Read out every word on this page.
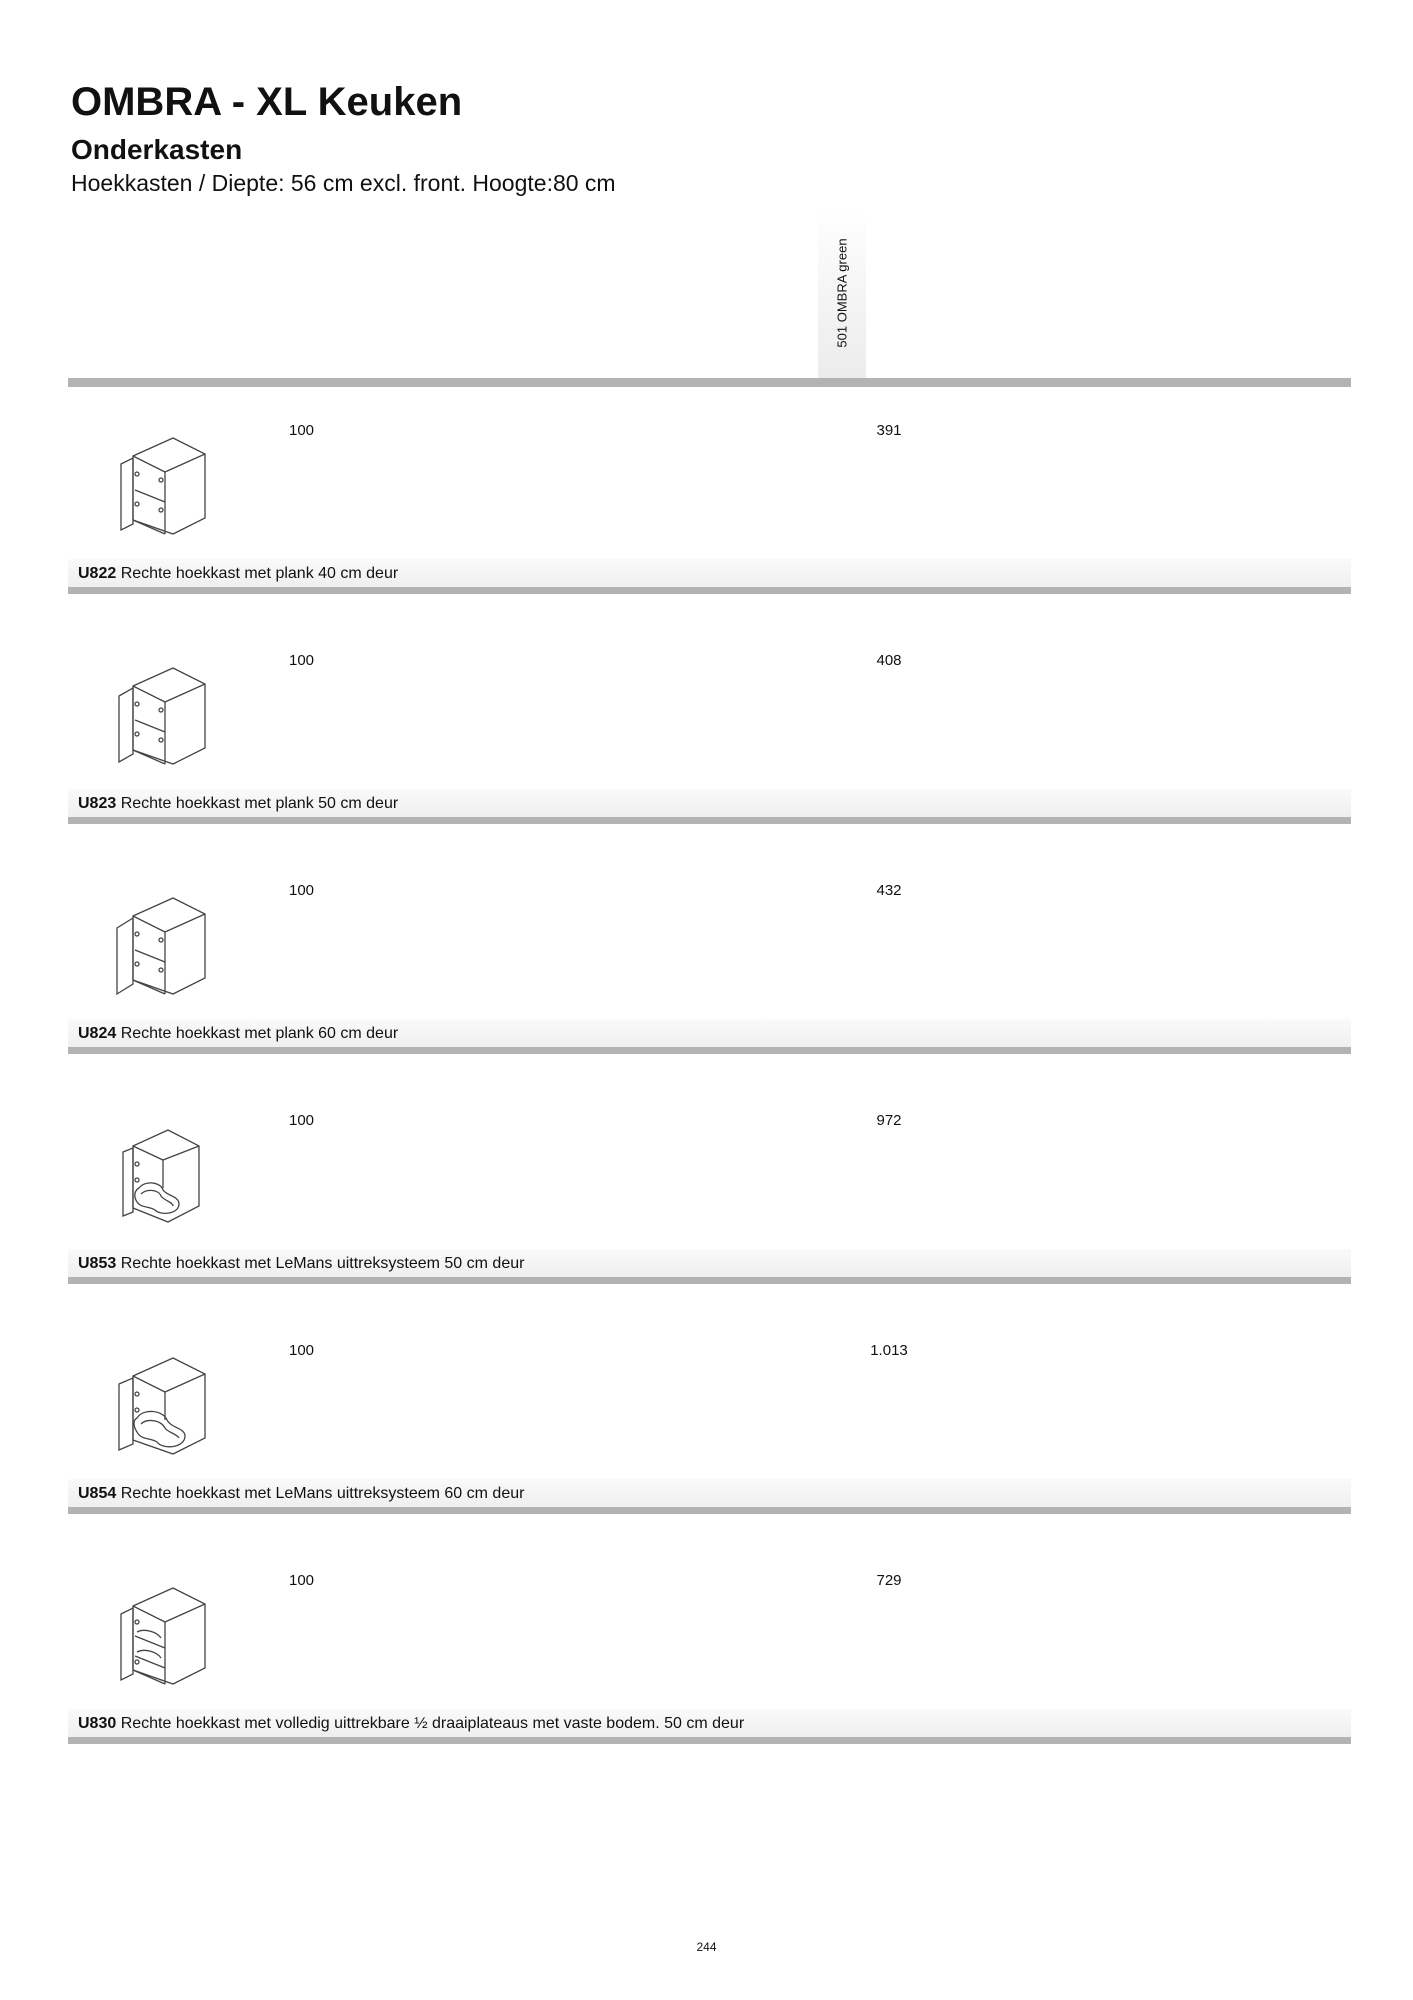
OMBRA - XL Keuken
Onderkasten

Hoekkasten / Diepte: 56 cm excl. front. Hoogte:80 cm

501 OMBRA green
100	391
U822 Rechte hoekkast met plank 40 cm deur
100	408
U823 Rechte hoekkast met plank 50 cm deur
100	432
U824 Rechte hoekkast met plank 60 cm deur
100	972
U853 Rechte hoekkast met LeMans uittreksysteem 50 cm deur
100	1.013
U854 Rechte hoekkast met LeMans uittreksysteem 60 cm deur
100	729
U830 Rechte hoekkast met volledig uittrekbare ½ draaiplateaus met vaste bodem. 50 cm deur
244
